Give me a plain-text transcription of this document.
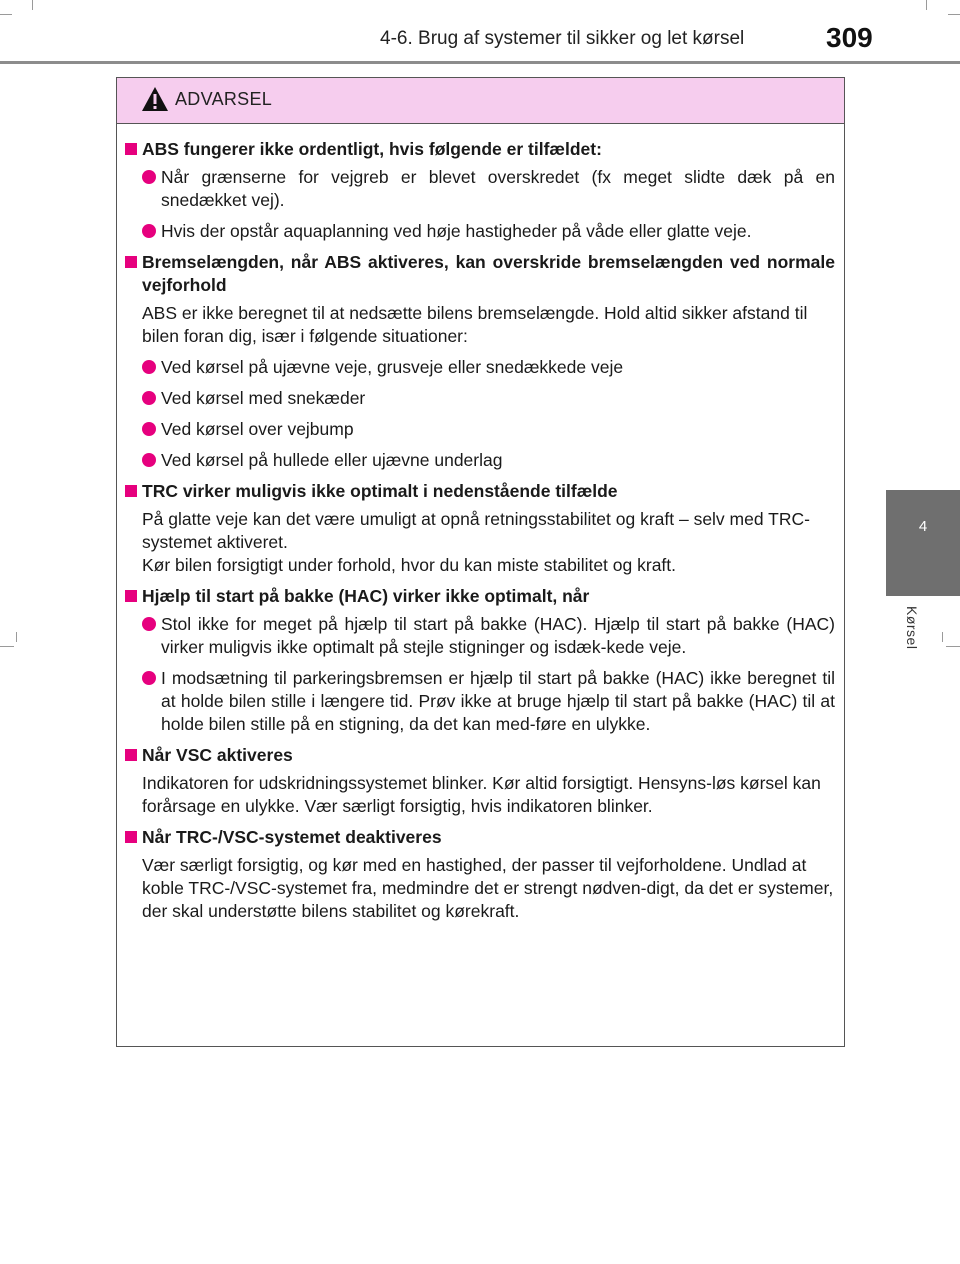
4-6. Brug af systemer til sikker og let kørsel	309
4
Kørsel
ADVARSEL
ABS fungerer ikke ordentligt, hvis følgende er tilfældet:
Når grænserne for vejgreb er blevet overskredet (fx meget slidte dæk på en snedækket vej).
Hvis der opstår aquaplanning ved høje hastigheder på våde eller glatte veje.
Bremselængden, når ABS aktiveres, kan overskride bremselængden ved normale vejforhold

ABS er ikke beregnet til at nedsætte bilens bremselængde. Hold altid sikker afstand til bilen foran dig, især i følgende situationer:

Ved kørsel på ujævne veje, grusveje eller snedækkede veje
Ved kørsel med snekæder
Ved kørsel over vejbump
Ved kørsel på hullede eller ujævne underlag
TRC virker muligvis ikke optimalt i nedenstående tilfælde

På glatte veje kan det være umuligt at opnå retningsstabilitet og kraft – selv med TRC-systemet aktiveret.

Kør bilen forsigtigt under forhold, hvor du kan miste stabilitet og kraft.

Hjælp til start på bakke (HAC) virker ikke optimalt, når
Stol ikke for meget på hjælp til start på bakke (HAC). Hjælp til start på bakke (HAC) virker muligvis ikke optimalt på stejle stigninger og isdæk-kede veje.
I modsætning til parkeringsbremsen er hjælp til start på bakke (HAC) ikke beregnet til at holde bilen stille i længere tid. Prøv ikke at bruge hjælp til start på bakke (HAC) til at holde bilen stille på en stigning, da det kan med-føre en ulykke.
Når VSC aktiveres

Indikatoren for udskridningssystemet blinker. Kør altid forsigtigt. Hensyns-løs kørsel kan forårsage en ulykke. Vær særligt forsigtig, hvis indikatoren blinker.

Når TRC-/VSC-systemet deaktiveres

Vær særligt forsigtig, og kør med en hastighed, der passer til vejforholdene. Undlad at koble TRC-/VSC-systemet fra, medmindre det er strengt nødven-digt, da det er systemer, der skal understøtte bilens stabilitet og kørekraft.
